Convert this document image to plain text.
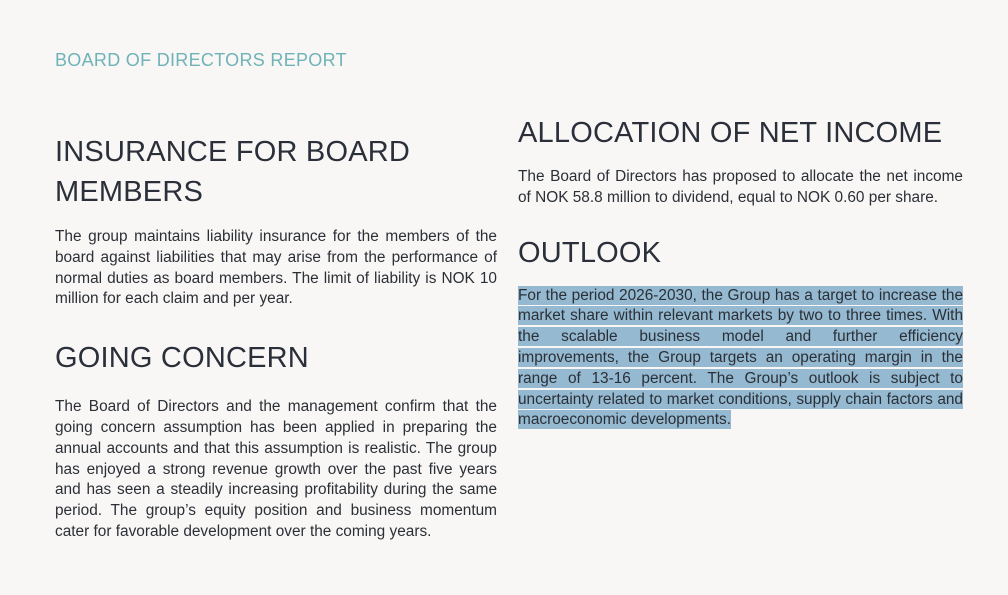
BOARD OF DIRECTORS REPORT
INSURANCE FOR BOARD MEMBERS

The group maintains liability insurance for the members of the board against liabilities that may arise from the performance of normal duties as board members. The limit of liability is NOK 10 million for each claim and per year.

GOING CONCERN

The Board of Directors and the management confirm that the going concern assumption has been applied in preparing the annual accounts and that this assumption is realistic. The group has enjoyed a strong revenue growth over the past five years and has seen a steadily increasing profitability during the same period. The group’s equity position and business momentum cater for favorable development over the coming years.

ALLOCATION OF NET INCOME

The Board of Directors has proposed to allocate the net income of NOK 58.8 million to dividend, equal to NOK 0.60 per share.

OUTLOOK

For the period 2026-2030, the Group has a target to increase the market share within relevant markets by two to three times. With the scalable business model and further efficiency improvements, the Group targets an operating margin in the range of 13-16 percent. The Group’s outlook is subject to uncertainty related to market conditions, supply chain factors and macroeconomic developments.
